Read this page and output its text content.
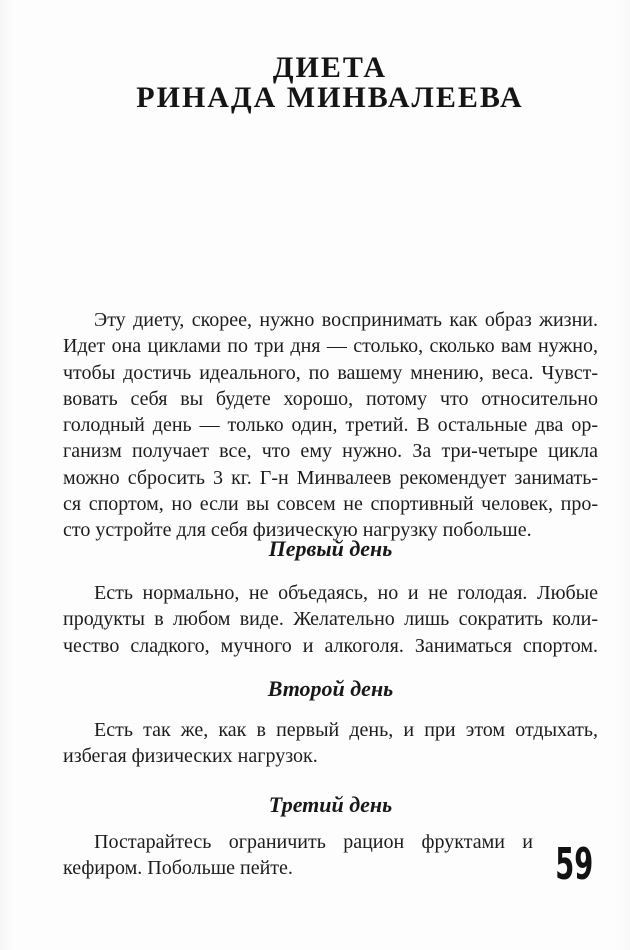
ДИЕТА
РИНАДА МИНВАЛЕЕВА
Эту диету, скорее, нужно воспринимать как образ жизни.
Идет она циклами по три дня — столько, сколько вам нужно,
чтобы достичь идеального, по вашему мнению, веса. Чувст-
вовать себя вы будете хорошо, потому что относительно
голодный день — только один, третий. В остальные два ор-
ганизм получает все, что ему нужно. За три-четыре цикла
можно сбросить 3 кг. Г-н Минвалеев рекомендует занимать-
ся спортом, но если вы совсем не спортивный человек, про-
сто устройте для себя физическую нагрузку побольше.
Первый день
Есть нормально, не объедаясь, но и не голодая. Любые
продукты в любом виде. Желательно лишь сократить коли-
чество сладкого, мучного и алкоголя. Заниматься спортом.
Второй день
Есть так же, как в первый день, и при этом отдыхать,
избегая физических нагрузок.
Третий день
Постарайтесь ограничить рацион фруктами и
кефиром. Побольше пейте.	59
